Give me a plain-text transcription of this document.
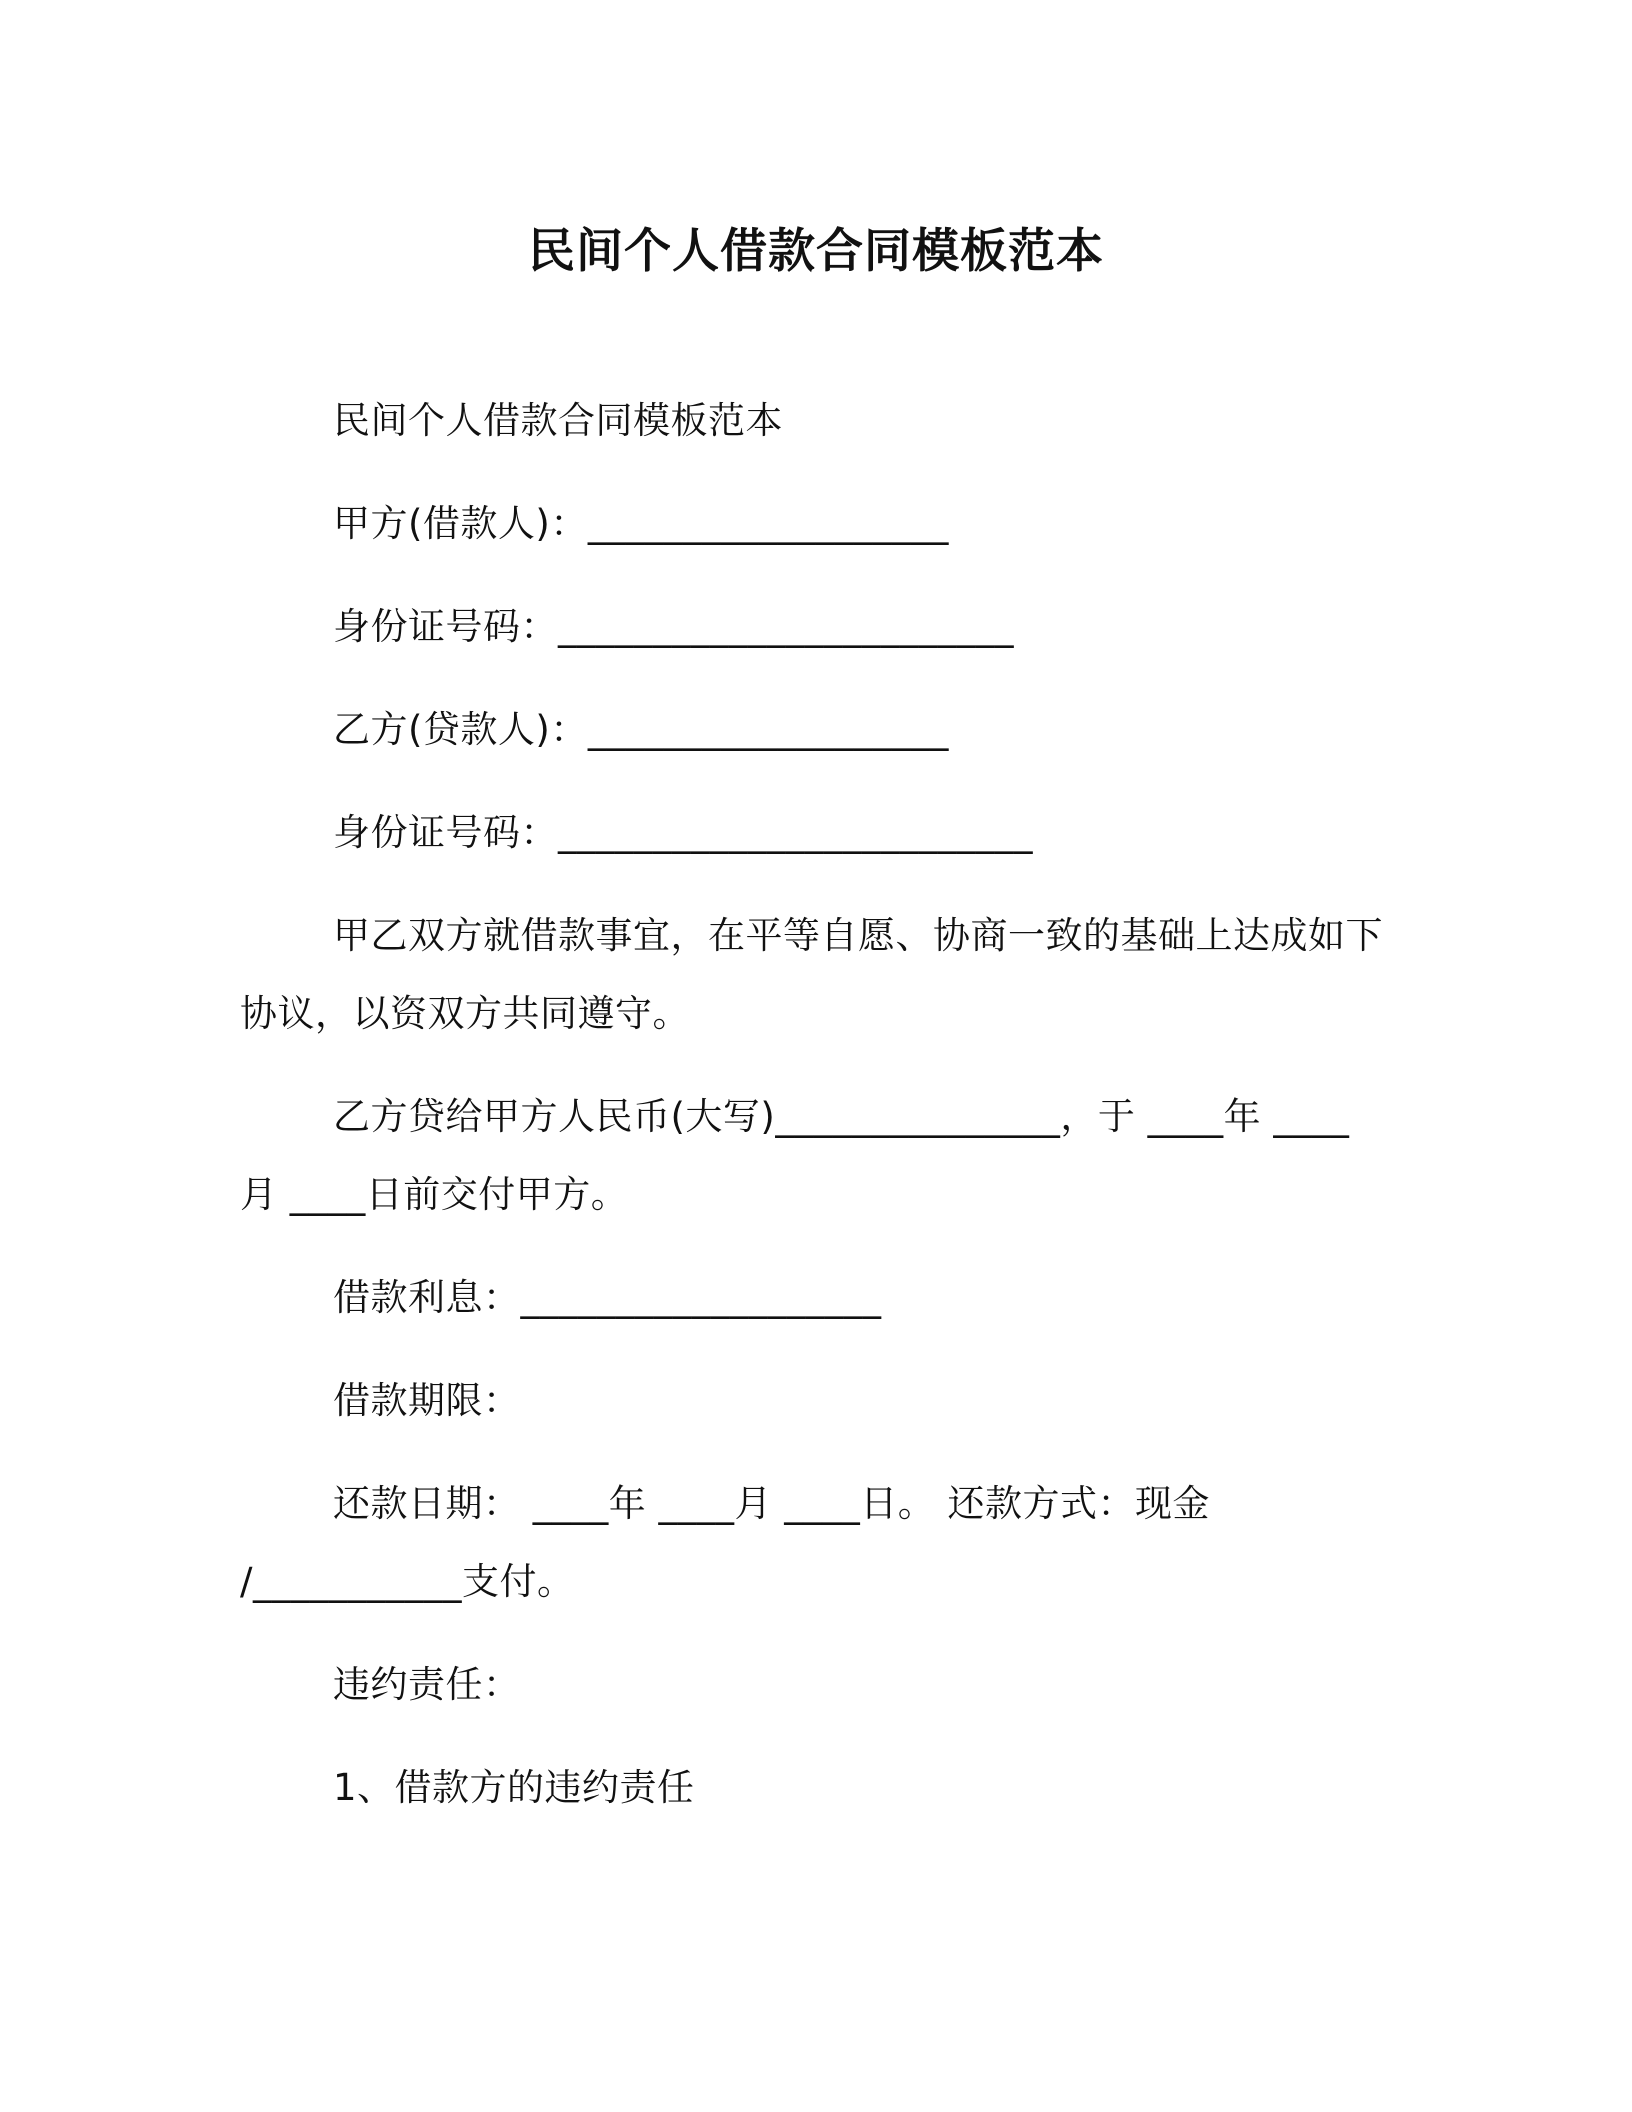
民间个人借款合同模板范本
民间个人借款合同模板范本
甲方(借款人)：___________________
身份证号码：________________________
乙方(贷款人)：___________________
身份证号码：_________________________
甲乙双方就借款事宜，在平等自愿、协商一致的基础上达成如下
协议，以资双方共同遵守。
乙方贷给甲方人民币(大写)_______________，于 ____年 ____
月 ____日前交付甲方。
借款利息：___________________
借款期限：
还款日期： ____年 ____月 ____日。 还款方式：现金
/___________支付。
违约责任：
1、借款方的违约责任
